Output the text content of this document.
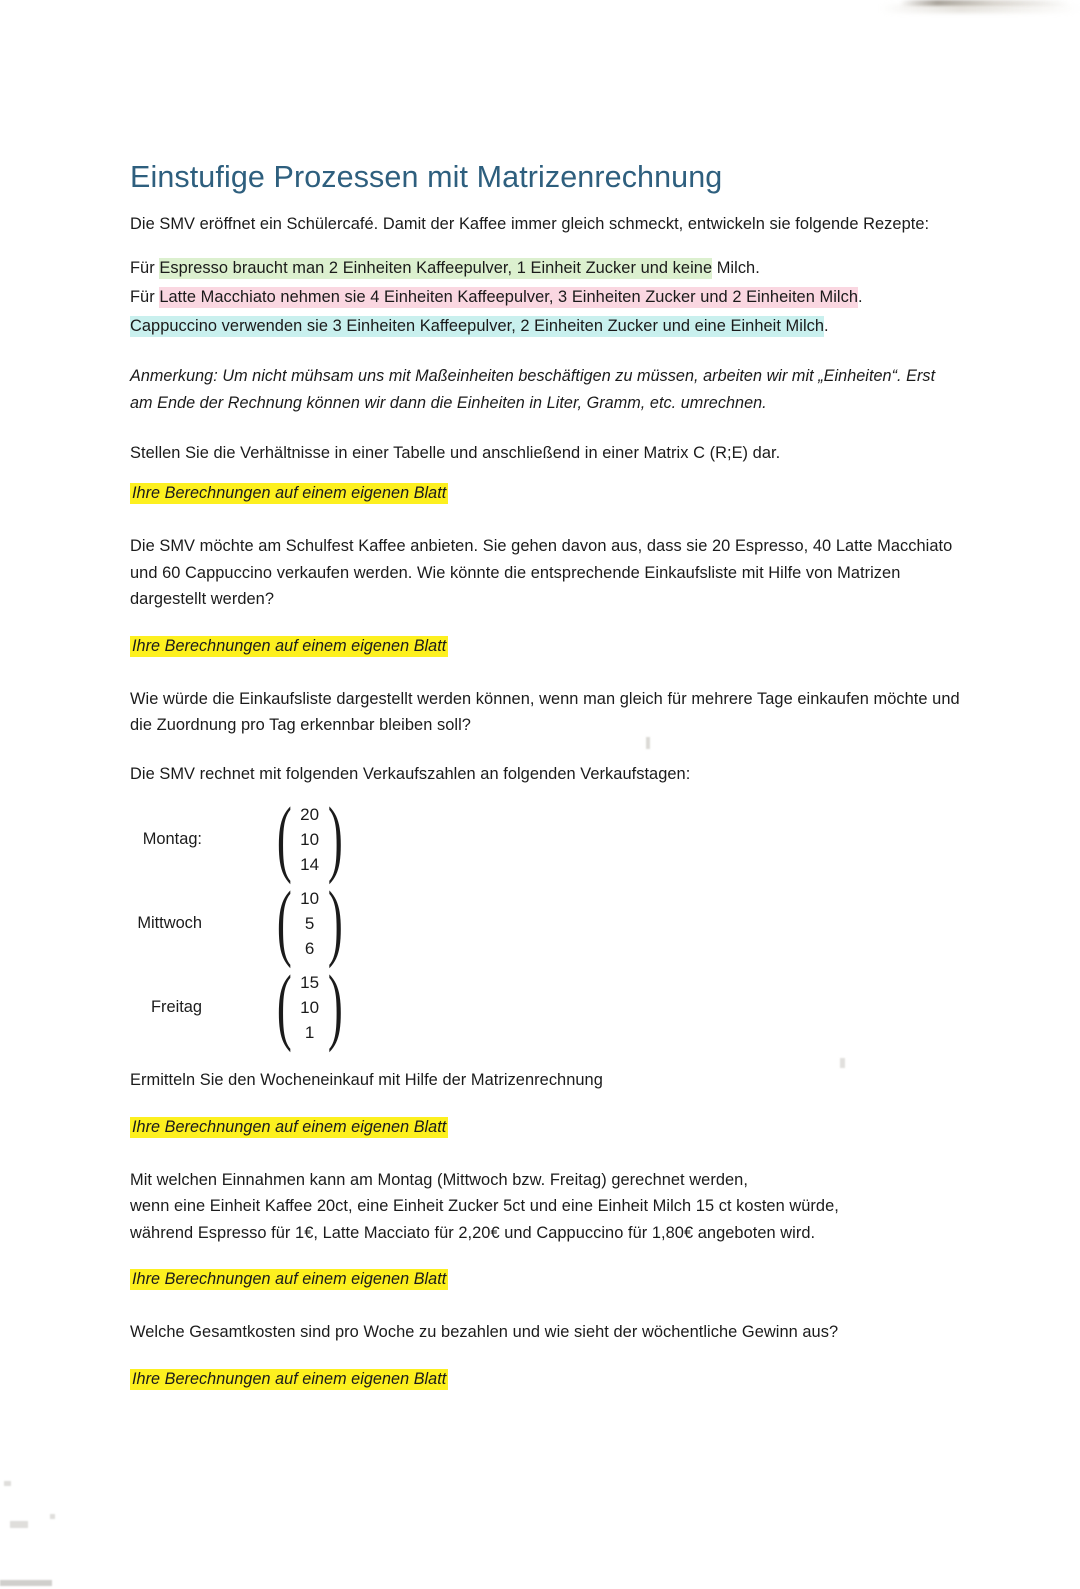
Einstufige Prozessen mit Matrizenrechnung

Die SMV eröffnet ein Schülercafé. Damit der Kaffee immer gleich schmeckt, entwickeln sie folgende Rezepte:

Für Espresso braucht man 2 Einheiten Kaffeepulver, 1 Einheit Zucker und keine Milch.

Für Latte Macchiato nehmen sie 4 Einheiten Kaffeepulver, 3 Einheiten Zucker und 2 Einheiten Milch.

Cappuccino verwenden sie 3 Einheiten Kaffeepulver, 2 Einheiten Zucker und eine Einheit Milch.

Anmerkung: Um nicht mühsam uns mit Maßeinheiten beschäftigen zu müssen, arbeiten wir mit „Einheiten“. Erst am Ende der Rechnung können wir dann die Einheiten in Liter, Gramm, etc. umrechnen.

Stellen Sie die Verhältnisse in einer Tabelle und anschließend in einer Matrix C (R;E) dar.

Ihre Berechnungen auf einem eigenen Blatt

Die SMV möchte am Schulfest Kaffee anbieten. Sie gehen davon aus, dass sie 20 Espresso, 40 Latte Macchiato und 60 Cappuccino verkaufen werden. Wie könnte die entsprechende Einkaufsliste mit Hilfe von Matrizen dargestellt werden?

Ihre Berechnungen auf einem eigenen Blatt

Wie würde die Einkaufsliste dargestellt werden können, wenn man gleich für mehrere Tage einkaufen möchte und die Zuordnung pro Tag erkennbar bleiben soll?

Die SMV rechnet mit folgenden Verkaufszahlen an folgenden Verkaufstagen:

Montag: ( 20
10
14 )
Mittwoch ( 10
5
6 )
Freitag ( 15
10
1 )

Ermitteln Sie den Wocheneinkauf mit Hilfe der Matrizenrechnung

Ihre Berechnungen auf einem eigenen Blatt

Mit welchen Einnahmen kann am Montag (Mittwoch bzw. Freitag) gerechnet werden,

wenn eine Einheit Kaffee 20ct, eine Einheit Zucker 5ct und eine Einheit Milch 15 ct kosten würde,

während Espresso für 1€, Latte Macciato für 2,20€ und Cappuccino für 1,80€ angeboten wird.

Ihre Berechnungen auf einem eigenen Blatt

Welche Gesamtkosten sind pro Woche zu bezahlen und wie sieht der wöchentliche Gewinn aus?

Ihre Berechnungen auf einem eigenen Blatt
